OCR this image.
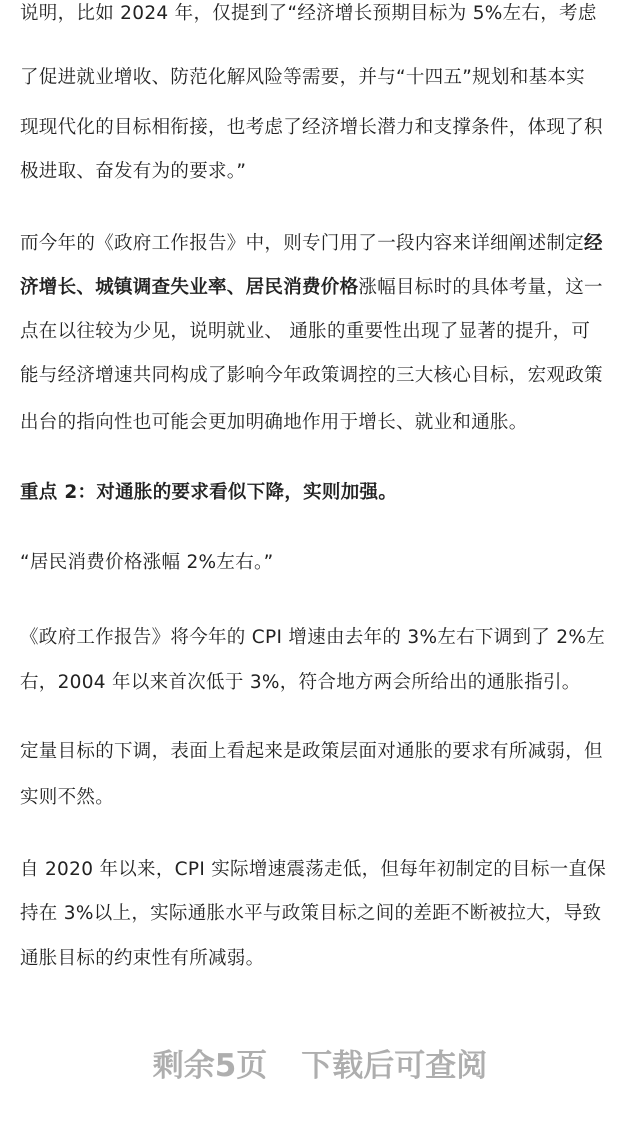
说明，比如 2024 年，仅提到了“经济增长预期目标为 5%左右，考虑
了促进就业增收、防范化解风险等需要，并与“十四五”规划和基本实
现现代化的目标相衔接，也考虑了经济增长潜力和支撑条件，体现了积
极进取、奋发有为的要求。”
而今年的《政府工作报告》中，则专门用了一段内容来详细阐述制定经
济增长、城镇调查失业率、居民消费价格涨幅目标时的具体考量，这一
点在以往较为少见，说明就业、 通胀的重要性出现了显著的提升，可
能与经济增速共同构成了影响今年政策调控的三大核心目标，宏观政策
出台的指向性也可能会更加明确地作用于增长、就业和通胀。
重点 2：对通胀的要求看似下降，实则加强。
“居民消费价格涨幅 2%左右。”
《政府工作报告》将今年的 CPI 增速由去年的 3%左右下调到了 2%左
右，2004 年以来首次低于 3%，符合地方两会所给出的通胀指引。
定量目标的下调，表面上看起来是政策层面对通胀的要求有所减弱，但
实则不然。
自 2020 年以来，CPI 实际增速震荡走低，但每年初制定的目标一直保
持在 3%以上，实际通胀水平与政策目标之间的差距不断被拉大，导致
通胀目标的约束性有所减弱。
剩余5页 下载后可查阅
